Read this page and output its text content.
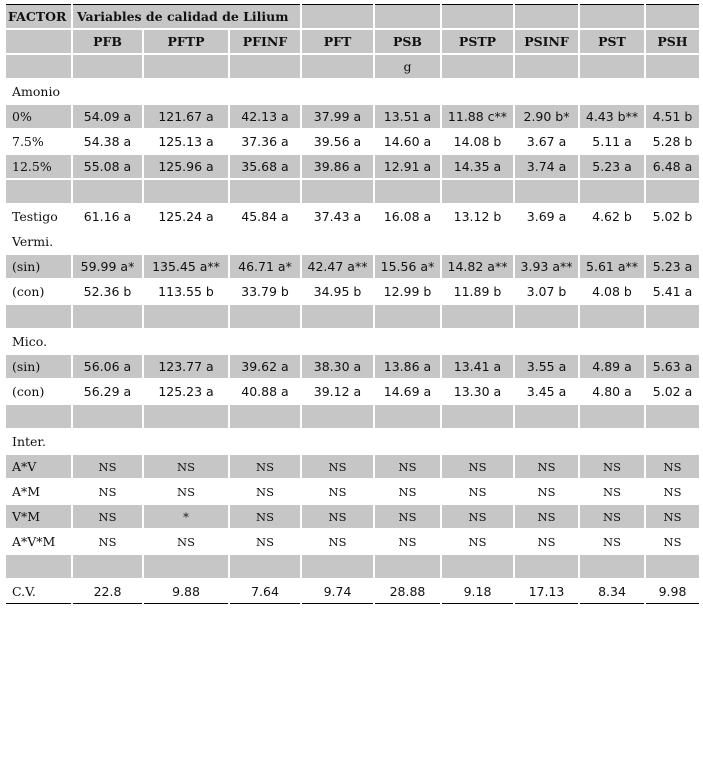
FACTOR	Variables de calidad de Lilium								
	PFB	PFTP	PFINF	PFT	PSB	PSTP	PSINF	PST	PSH
					g				
Amonio									
0%	54.09 a	121.67 a	42.13 a	37.99 a	13.51 a	11.88 c**	2.90 b*	4.43 b**	4.51 b
7.5%	54.38 a	125.13 a	37.36 a	39.56 a	14.60 a	14.08 b	3.67 a	5.11 a	5.28 b
12.5%	55.08 a	125.96 a	35.68 a	39.86 a	12.91 a	14.35 a	3.74 a	5.23 a	6.48 a

Testigo	61.16 a	125.24 a	45.84 a	37.43 a	16.08 a	13.12 b	3.69 a	4.62 b	5.02 b
Vermi.									
(sin)	59.99 a*	135.45 a**	46.71 a*	42.47 a**	15.56 a*	14.82 a**	3.93 a**	5.61 a**	5.23 a
(con)	52.36 b	113.55 b	33.79 b	34.95 b	12.99 b	11.89 b	3.07 b	4.08 b	5.41 a

Mico.									
(sin)	56.06 a	123.77 a	39.62 a	38.30 a	13.86 a	13.41 a	3.55 a	4.89 a	5.63 a
(con)	56.29 a	125.23 a	40.88 a	39.12 a	14.69 a	13.30 a	3.45 a	4.80 a	5.02 a

Inter.									
A*V	NS	NS	NS	NS	NS	NS	NS	NS	NS
A*M	NS	NS	NS	NS	NS	NS	NS	NS	NS
V*M	NS	*	NS	NS	NS	NS	NS	NS	NS
A*V*M	NS	NS	NS	NS	NS	NS	NS	NS	NS

C.V.	22.8	9.88	7.64	9.74	28.88	9.18	17.13	8.34	9.98
